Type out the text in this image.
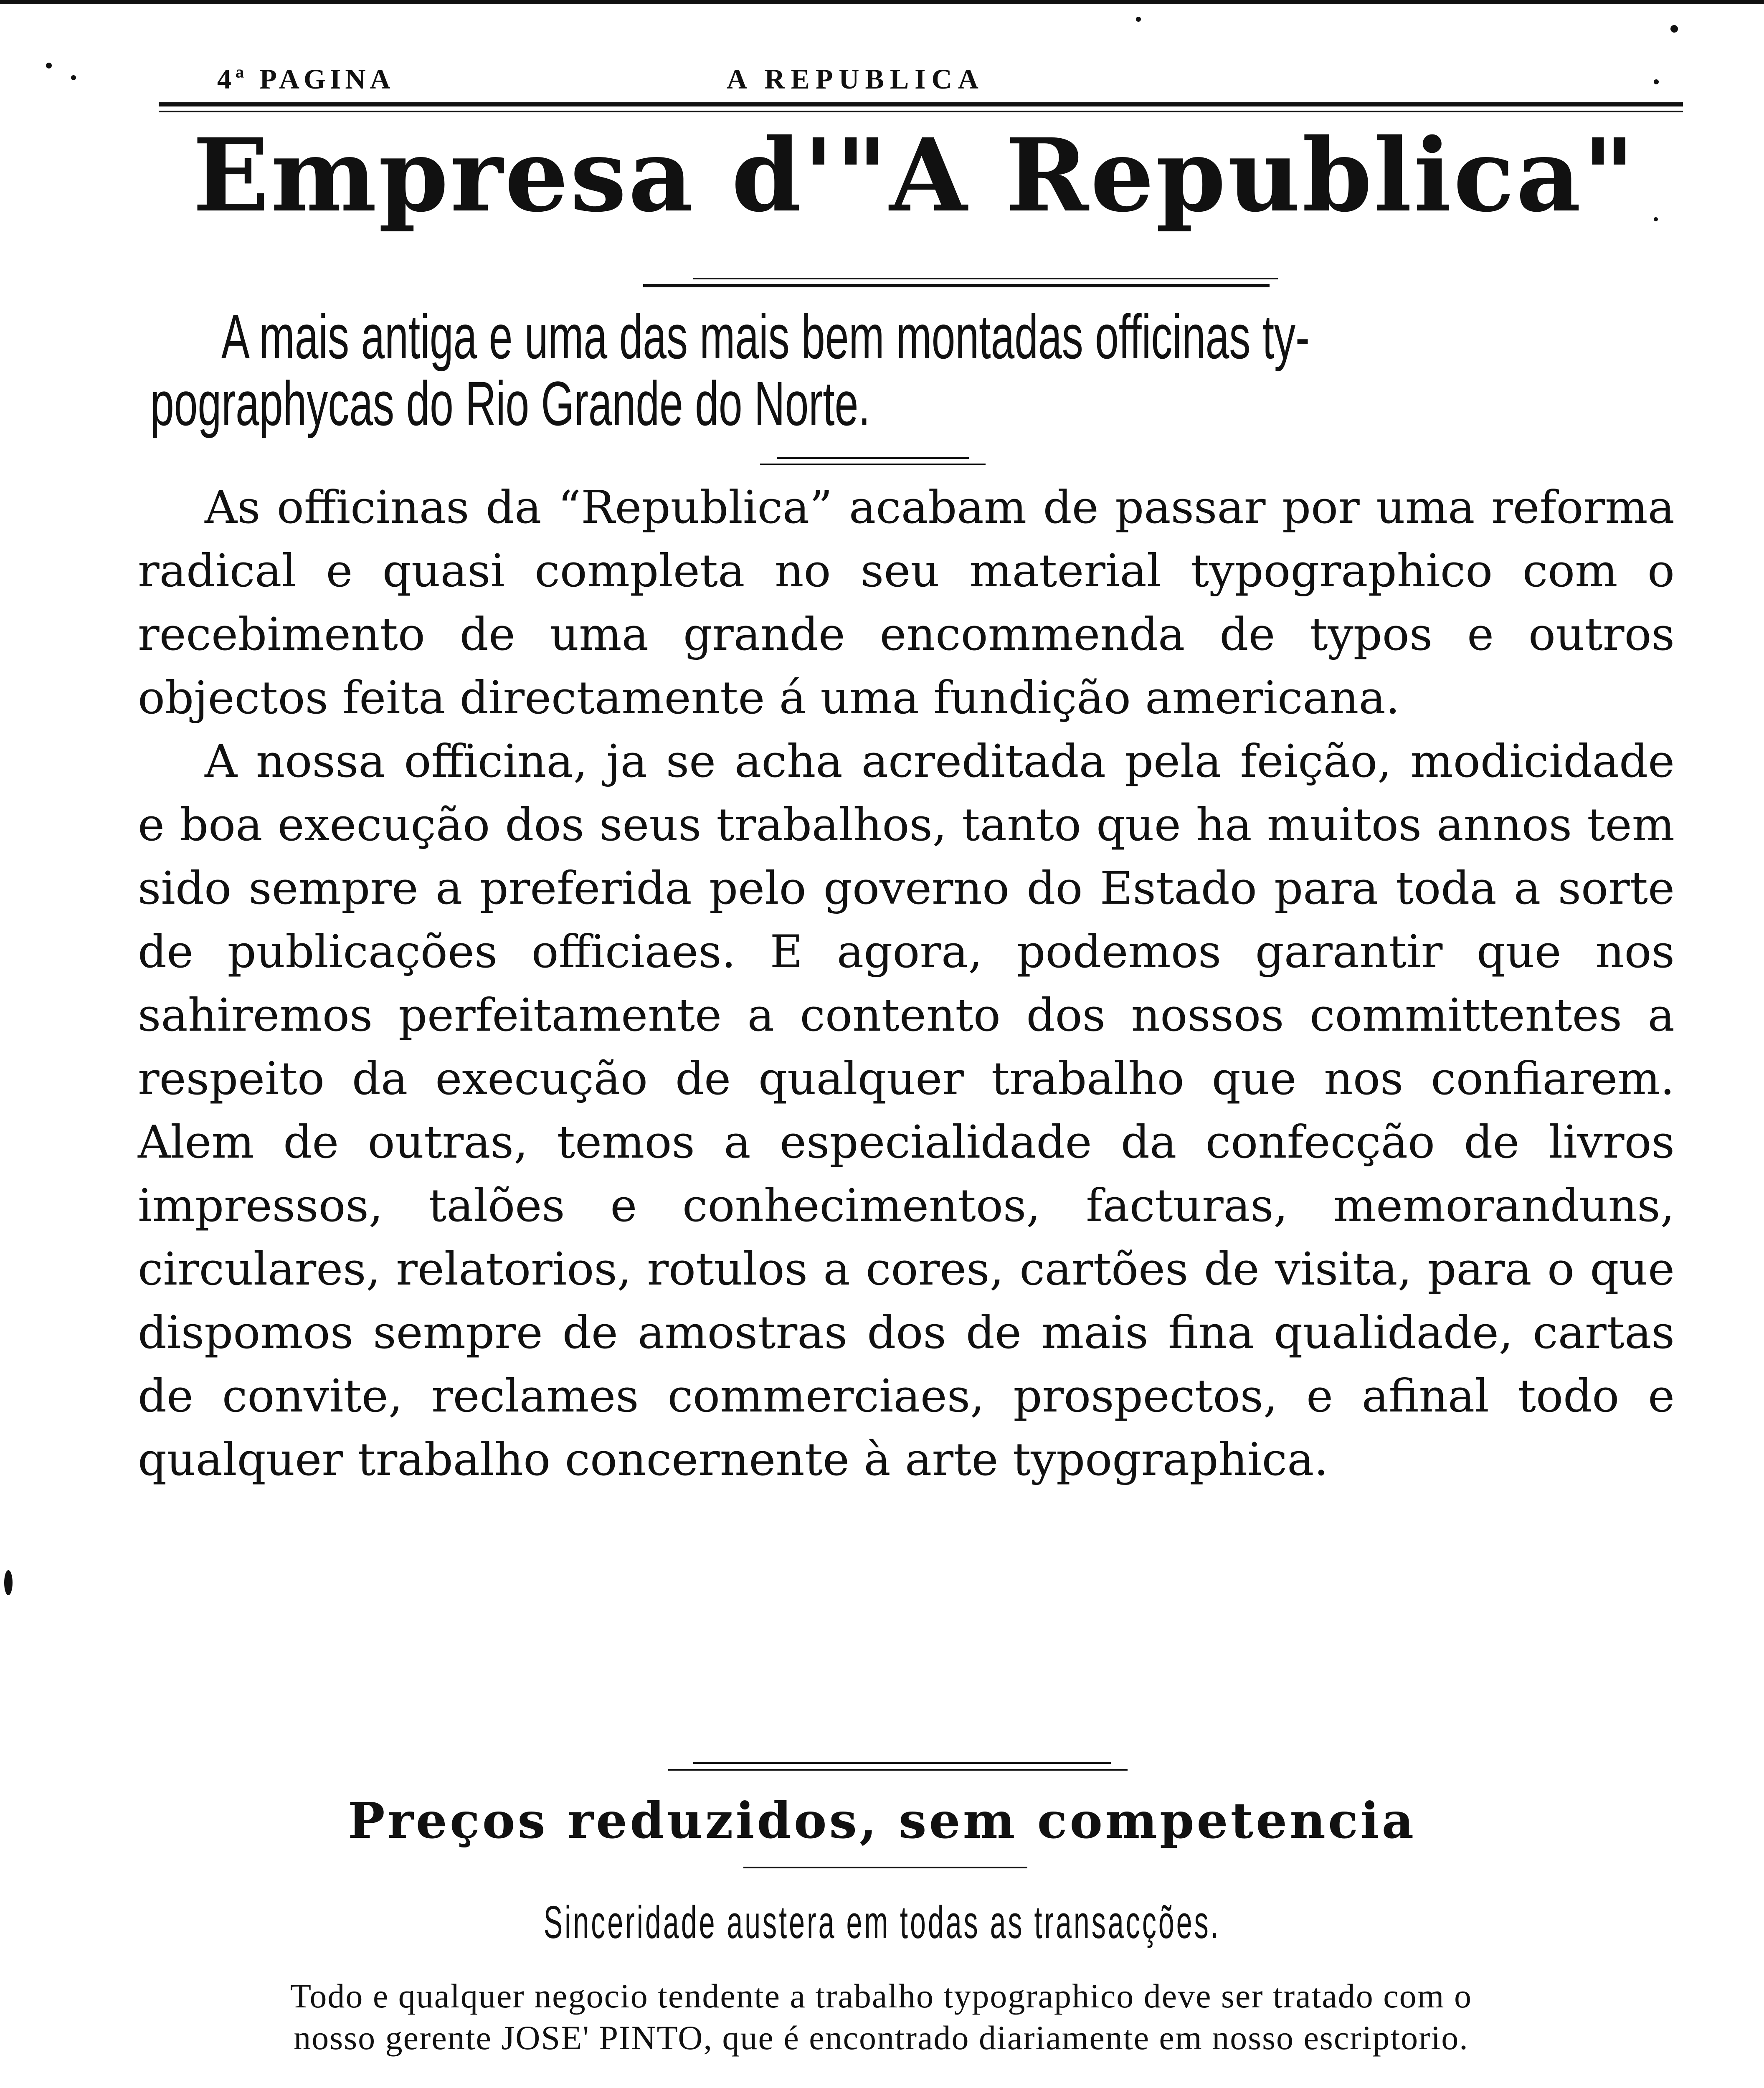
4ª PAGINA	A REPUBLICA
Empresa d'"A Republica"
A mais antiga e uma das mais bem montadas officinas ty-
pographycas do Rio Grande do Norte.

As officinas da “Republica” acabam de passar por uma reforma radical e quasi completa no seu material typographico com o recebimento de uma grande encommenda de typos e outros objectos feita directamente á uma fundição americana.

A nossa officina, ja se acha acreditada pela feição, modicidade e boa execução dos seus trabalhos, tanto que ha muitos annos tem sido sempre a preferida pelo governo do Estado para toda a sorte de publicações officiaes. E agora, podemos garantir que nos sahiremos perfeitamente a contento dos nossos committentes a respeito da execução de qualquer trabalho que nos confiarem. Alem de outras, temos a especialidade da confecção de livros impressos, talões e conhecimentos, facturas, memoranduns, circulares, relatorios, rotulos a cores, cartões de visita, para o que dispomos sempre de amostras dos de mais fina qualidade, cartas de convite, reclames commerciaes, prospectos, e afinal todo e qualquer trabalho concernente à arte typographica.

Preços reduzidos, sem competencia
Sinceridade austera em todas as transacções.
Todo e qualquer negocio tendente a trabalho typographico deve ser tratado com o
nosso gerente JOSE' PINTO, que é encontrado diariamente em nosso escriptorio.
